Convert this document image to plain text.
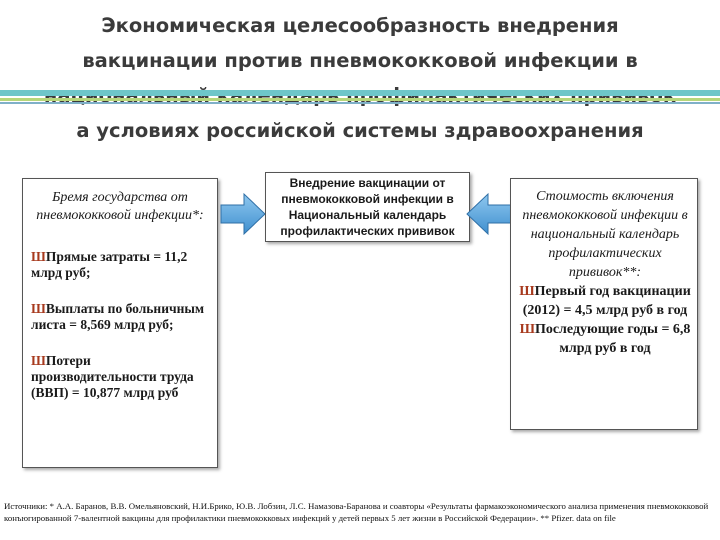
Экономическая целесообразность внедрения вакцинации против пневмококковой инфекции в а условиях российской системы здравоохранения
Бремя государства от пневмококковой инфекции*:
ШПрямые затраты = 11,2 млрд руб;
ШВыплаты по больничным листа = 8,569 млрд руб;
ШПотери производительности труда (ВВП) = 10,877 млрд руб
Внедрение вакцинации от пневмококковой инфекции в Национальный календарь профилактических прививок
Стоимость включения пневмококковой инфекции в национальный календарь профилактических прививок**:
ШПервый год вакцинации (2012) = 4,5 млрд руб в год
ШПоследующие годы = 6,8 млрд руб в год
Источники: * А.А. Баранов, В.В. Омельяновский, Н.И.Брико, Ю.В. Лобзин, Л.С. Намазова-Баранова и соавторы «Результаты фармакоэкономического анализа применения пневмококковой конъюгированной 7-валентной вакцины для профилактики пневмококковых инфекций у детей первых 5 лет жизни в Российской Федерации». ** Pfizer. data on file
